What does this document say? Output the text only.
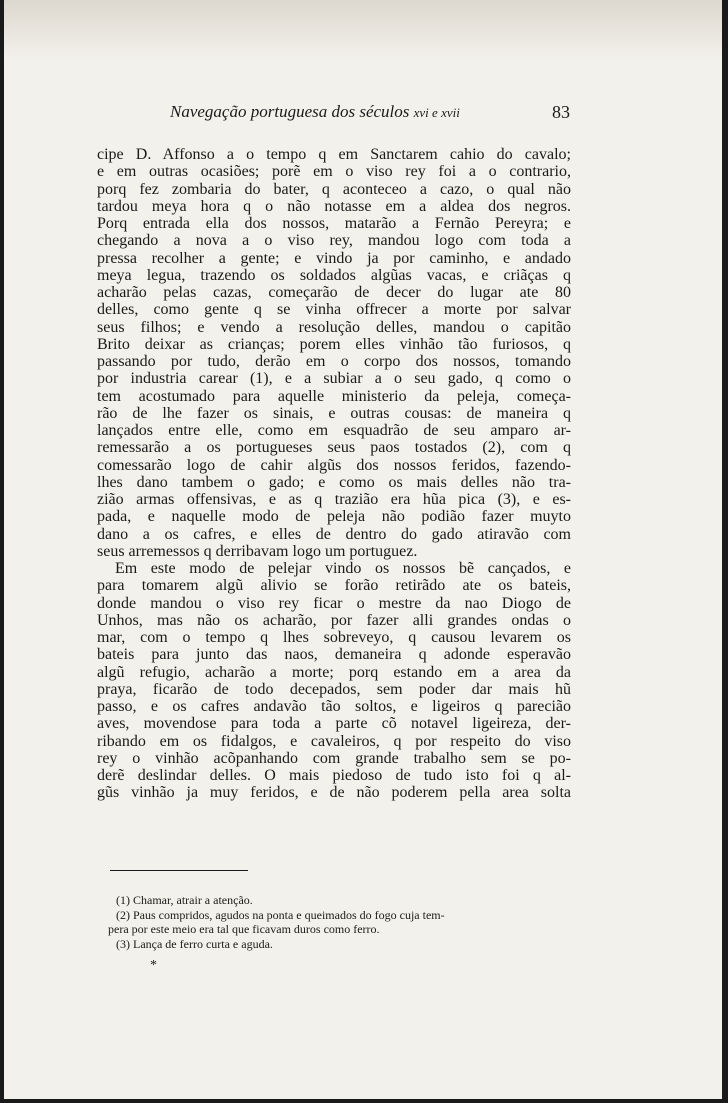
Navegação portuguesa dos séculos xvi e xvii	83
cipe D. Affonso a o tempo q em Sanctarem cahio do cavalo;
e em outras ocasiões; porẽ em o viso rey foi a o contrario,
porq fez zombaria do bater, q aconteceo a cazo, o qual não
tardou meya hora q o não notasse em a aldea dos negros.
Porq entrada ella dos nossos, matarão a Fernão Pereyra; e
chegando a nova a o viso rey, mandou logo com toda a
pressa recolher a gente; e vindo ja por caminho, e andado
meya legua, trazendo os soldados algũas vacas, e criãças q
acharão pelas cazas, começarão de decer do lugar ate 80
delles, como gente q se vinha offrecer a morte por salvar
seus filhos; e vendo a resolução delles, mandou o capitão
Brito deixar as crianças; porem elles vinhão tão furiosos, q
passando por tudo, derão em o corpo dos nossos, tomando
por industria carear (1), e a subiar a o seu gado, q como o
tem acostumado para aquelle ministerio da peleja, começa-
rão de lhe fazer os sinais, e outras cousas: de maneira q
lançados entre elle, como em esquadrão de seu amparo ar-
remessarão a os portugueses seus paos tostados (2), com q
comessarão logo de cahir algũs dos nossos feridos, fazendo-
lhes dano tambem o gado; e como os mais delles não tra-
zião armas offensivas, e as q trazião era hũa pica (3), e es-
pada, e naquelle modo de peleja não podião fazer muyto
dano a os cafres, e elles de dentro do gado atiravão com
seus arremessos q derribavam logo um portuguez.
Em este modo de pelejar vindo os nossos bẽ cançados, e
para tomarem algũ alivio se forão retirãdo ate os bateis,
donde mandou o viso rey ficar o mestre da nao Diogo de
Unhos, mas não os acharão, por fazer alli grandes ondas o
mar, com o tempo q lhes sobreveyo, q causou levarem os
bateis para junto das naos, demaneira q adonde esperavão
algũ refugio, acharão a morte; porq estando em a area da
praya, ficarão de todo decepados, sem poder dar mais hũ
passo, e os cafres andavão tão soltos, e ligeiros q parecião
aves, movendose para toda a parte cõ notavel ligeireza, der-
ribando em os fidalgos, e cavaleiros, q por respeito do viso
rey o vinhão acõpanhando com grande trabalho sem se po-
derẽ deslindar delles. O mais piedoso de tudo isto foi q al-
gũs vinhão ja muy feridos, e de não poderem pella area solta
(1) Chamar, atrair a atenção.
(2) Paus compridos, agudos na ponta e queimados do fogo cuja tem-
pera por este meio era tal que ficavam duros como ferro.
(3) Lança de ferro curta e aguda.
*
